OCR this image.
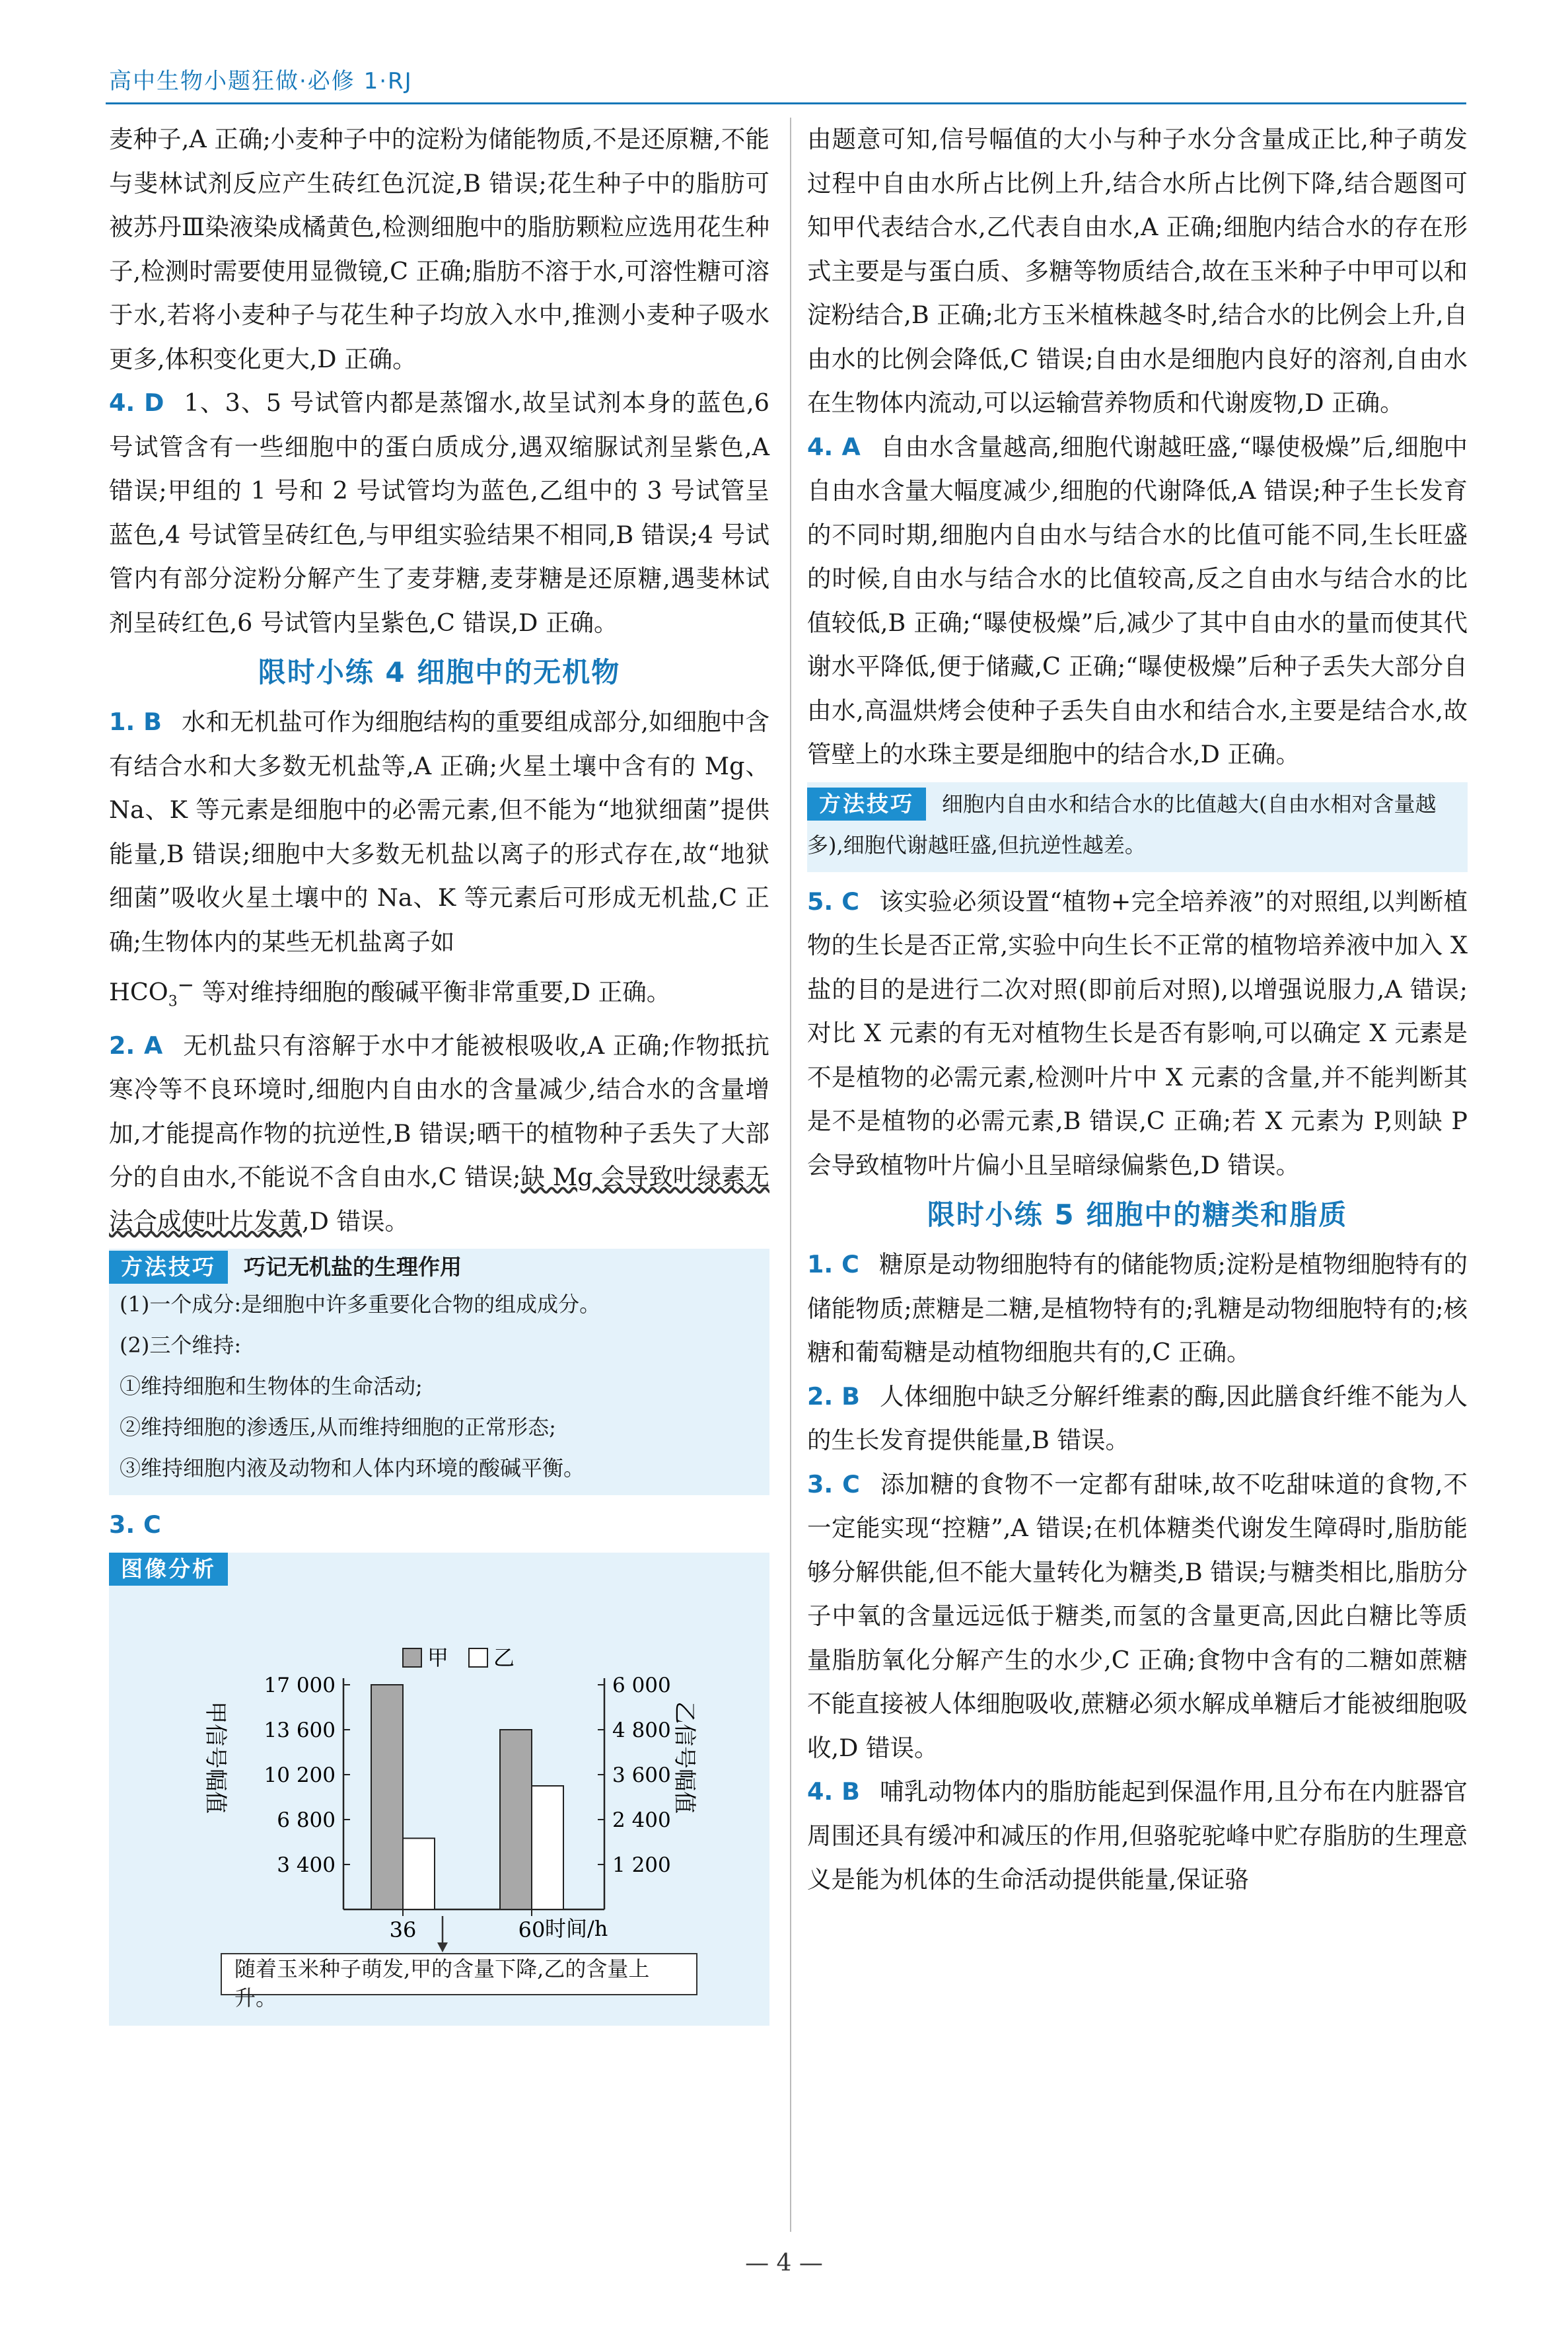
高中生物小题狂做·必修 1·RJ

麦种子,A 正确;小麦种子中的淀粉为储能物质,不是还原糖,不能与斐林试剂反应产生砖红色沉淀,B 错误;花生种子中的脂肪可被苏丹Ⅲ染液染成橘黄色,检测细胞中的脂肪颗粒应选用花生种子,检测时需要使用显微镜,C 正确;脂肪不溶于水,可溶性糖可溶于水,若将小麦种子与花生种子均放入水中,推测小麦种子吸水更多,体积变化更大,D 正确。

4. D 1、3、5 号试管内都是蒸馏水,故呈试剂本身的蓝色,6 号试管含有一些细胞中的蛋白质成分,遇双缩脲试剂呈紫色,A 错误;甲组的 1 号和 2 号试管均为蓝色,乙组中的 3 号试管呈蓝色,4 号试管呈砖红色,与甲组实验结果不相同,B 错误;4 号试管内有部分淀粉分解产生了麦芽糖,麦芽糖是还原糖,遇斐林试剂呈砖红色,6 号试管内呈紫色,C 错误,D 正确。

限时小练 4 细胞中的无机物

1. B 水和无机盐可作为细胞结构的重要组成部分,如细胞中含有结合水和大多数无机盐等,A 正确;火星土壤中含有的 Mg、Na、K 等元素是细胞中的必需元素,但不能为“地狱细菌”提供能量,B 错误;细胞中大多数无机盐以离子的形式存在,故“地狱细菌”吸收火星土壤中的 Na、K 等元素后可形成无机盐,C 正确;生物体内的某些无机盐离子如
$HCO_3^-$ 等对维持细胞的酸碱平衡非常重要,D 正确。

2. A 无机盐只有溶解于水中才能被根吸收,A 正确;作物抵抗寒冷等不良环境时,细胞内自由水的含量减少,结合水的含量增加,才能提高作物的抗逆性,B 错误;晒干的植物种子丢失了大部分的自由水,不能说不含自由水,C 错误;缺 Mg 会导致叶绿素无法合成使叶片发黄,D 错误。

方法技巧 巧记无机盐的生理作用
(1)一个成分:是细胞中许多重要化合物的组成成分。
(2)三个维持:
①维持细胞和生物体的生命活动;
②维持细胞的渗透压,从而维持细胞的正常形态;
③维持细胞内液及动物和人体内环境的酸碱平衡。

3. C

图像分析
3 400
6 800
10 200
13 600
17 000
1 200
2 400
3 600
4 800
6 000
36	60
甲 乙
甲信号幅值	乙信号幅值
时间/h
随着玉米种子萌发,甲的含量下降,乙的含量上升。

由题意可知,信号幅值的大小与种子水分含量成正比,种子萌发过程中自由水所占比例上升,结合水所占比例下降,结合题图可知甲代表结合水,乙代表自由水,A 正确;细胞内结合水的存在形式主要是与蛋白质、多糖等物质结合,故在玉米种子中甲可以和淀粉结合,B 正确;北方玉米植株越冬时,结合水的比例会上升,自由水的比例会降低,C 错误;自由水是细胞内良好的溶剂,自由水在生物体内流动,可以运输营养物质和代谢废物,D 正确。

4. A 自由水含量越高,细胞代谢越旺盛,“曝使极燥”后,细胞中自由水含量大幅度减少,细胞的代谢降低,A 错误;种子生长发育的不同时期,细胞内自由水与结合水的比值可能不同,生长旺盛的时候,自由水与结合水的比值较高,反之自由水与结合水的比值较低,B 正确;“曝使极燥”后,减少了其中自由水的量而使其代谢水平降低,便于储藏,C 正确;“曝使极燥”后种子丢失大部分自由水,高温烘烤会使种子丢失自由水和结合水,主要是结合水,故管壁上的水珠主要是细胞中的结合水,D 正确。

方法技巧 细胞内自由水和结合水的比值越大(自由水相对含量越多),细胞代谢越旺盛,但抗逆性越差。

5. C 该实验必须设置“植物+完全培养液”的对照组,以判断植物的生长是否正常,实验中向生长不正常的植物培养液中加入 X 盐的目的是进行二次对照(即前后对照),以增强说服力,A 错误;对比 X 元素的有无对植物生长是否有影响,可以确定 X 元素是不是植物的必需元素,检测叶片中 X 元素的含量,并不能判断其是不是植物的必需元素,B 错误,C 正确;若 X 元素为 P,则缺 P 会导致植物叶片偏小且呈暗绿偏紫色,D 错误。

限时小练 5 细胞中的糖类和脂质

1. C 糖原是动物细胞特有的储能物质;淀粉是植物细胞特有的储能物质;蔗糖是二糖,是植物特有的;乳糖是动物细胞特有的;核糖和葡萄糖是动植物细胞共有的,C 正确。

2. B 人体细胞中缺乏分解纤维素的酶,因此膳食纤维不能为人的生长发育提供能量,B 错误。

3. C 添加糖的食物不一定都有甜味,故不吃甜味道的食物,不一定能实现“控糖”,A 错误;在机体糖类代谢发生障碍时,脂肪能够分解供能,但不能大量转化为糖类,B 错误;与糖类相比,脂肪分子中氧的含量远远低于糖类,而氢的含量更高,因此白糖比等质量脂肪氧化分解产生的水少,C 正确;食物中含有的二糖如蔗糖不能直接被人体细胞吸收,蔗糖必须水解成单糖后才能被细胞吸收,D 错误。

4. B 哺乳动物体内的脂肪能起到保温作用,且分布在内脏器官周围还具有缓冲和减压的作用,但骆驼驼峰中贮存脂肪的生理意义是能为机体的生命活动提供能量,保证骆

— 4 —
